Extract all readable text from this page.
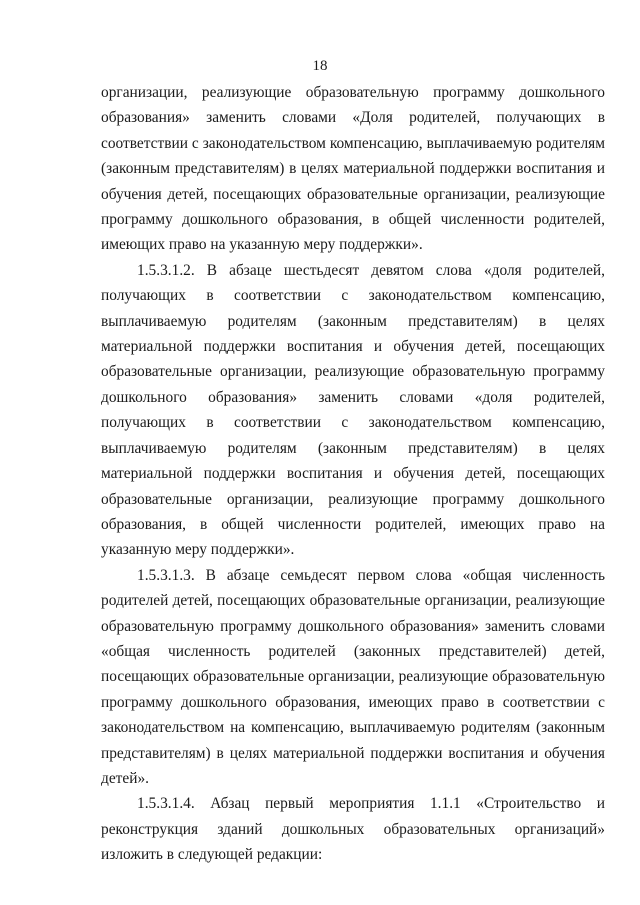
18

организации, реализующие образовательную программу дошкольного образования» заменить словами «Доля родителей, получающих в соответствии с законодательством компенсацию, выплачиваемую родителям (законным представителям) в целях материальной поддержки воспитания и обучения детей, посещающих образовательные организации, реализующие программу дошкольного образования, в общей численности родителей, имеющих право на указанную меру поддержки».

1.5.3.1.2. В абзаце шестьдесят девятом слова «доля родителей, получающих в соответствии с законодательством компенсацию, выплачиваемую родителям (законным представителям) в целях материальной поддержки воспитания и обучения детей, посещающих образовательные организации, реализующие образовательную программу дошкольного образования» заменить словами «доля родителей, получающих в соответствии с законодательством компенсацию, выплачиваемую родителям (законным представителям) в целях материальной поддержки воспитания и обучения детей, посещающих образовательные организации, реализующие программу дошкольного образования, в общей численности родителей, имеющих право на указанную меру поддержки».

1.5.3.1.3. В абзаце семьдесят первом слова «общая численность родителей детей, посещающих образовательные организации, реализующие образовательную программу дошкольного образования» заменить словами «общая численность родителей (законных представителей) детей, посещающих образовательные организации, реализующие образовательную программу дошкольного образования, имеющих право в соответствии с законодательством на компенсацию, выплачиваемую родителям (законным представителям) в целях материальной поддержки воспитания и обучения детей».

1.5.3.1.4. Абзац первый мероприятия 1.1.1 «Строительство и реконструкция зданий дошкольных образовательных организаций» изложить в следующей редакции:
